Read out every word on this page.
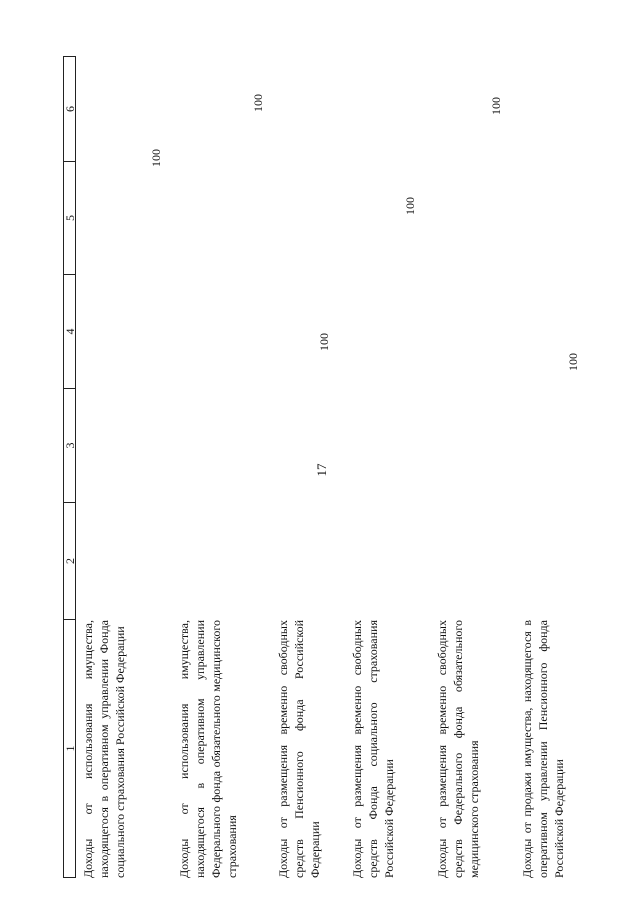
17
1
2
3
4
5
6
Доходы от использования имущества, находящегося в оперативном управлении Фонда социального страхования Российской Федерации
100
Доходы от использования имущества, находящегося в оперативном управлении Федерального фонда обязательного медицинского страхования
100
Доходы от размещения временно свободных средств Пенсионного фонда Российской Федерации
100
Доходы от размещения временно свободных средств Фонда социального страхования Российской Федерации
100
Доходы от размещения временно свободных средств Федерального фонда обязательного медицинского страхования
100
Доходы от продажи имущества, находящегося в оперативном управлении Пенсионного фонда Российской Федерации
100
